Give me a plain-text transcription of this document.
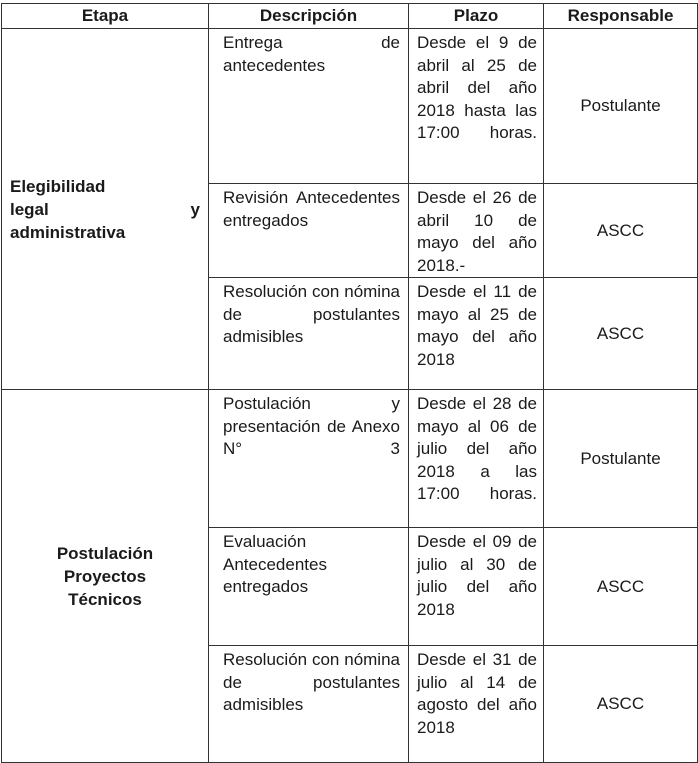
Etapa	Descripción	Plazo	Responsable

Elegibilidad
legal y
administrativa	Entrega de antecedentes	Desde el 9 de abril al 25 de abril del año 2018 hasta las 17:00 horas.	Postulante
	Revisión Antecedentes entregados	Desde el 26 de abril 10 de mayo del año 2018.-	ASCC
	Resolución con nómina de postulantes admisibles	Desde el 11 de mayo al 25 de mayo del año 2018	ASCC

Postulación
Proyectos
Técnicos	Postulación y presentación de Anexo N° 3	Desde el 28 de mayo al 06 de julio del año 2018 a las 17:00 horas.	Postulante
	Evaluación Antecedentes entregados	Desde el 09 de julio al 30 de julio del año 2018	ASCC
	Resolución con nómina de postulantes admisibles	Desde el 31 de julio al 14 de agosto del año 2018	ASCC
